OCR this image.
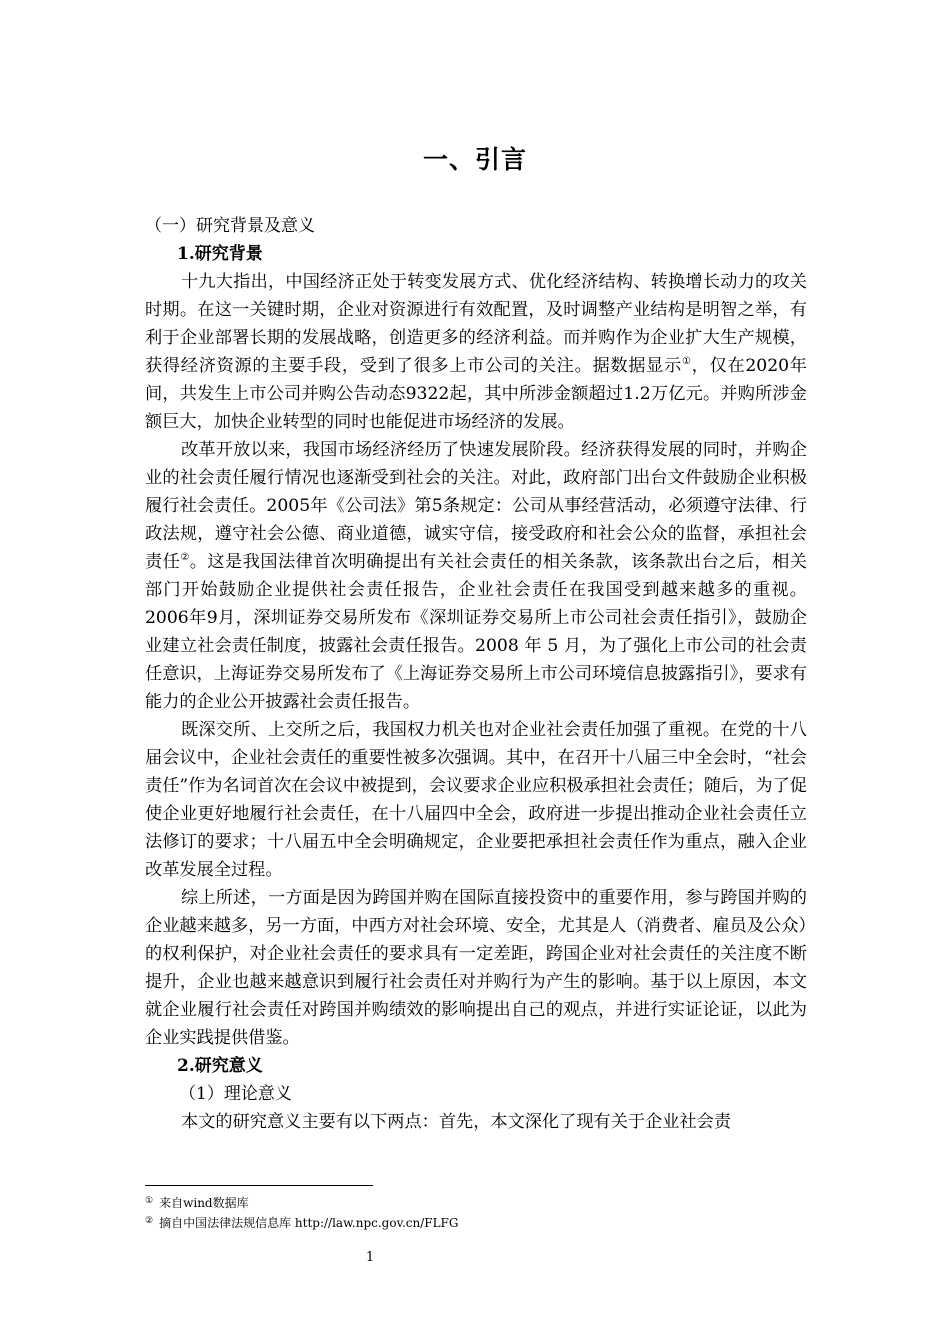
一、引言
（一）研究背景及意义
1.研究背景

十九大指出，中国经济正处于转变发展方式、优化经济结构、转换增长动力的攻关时期。在这一关键时期，企业对资源进行有效配置，及时调整产业结构是明智之举，有利于企业部署长期的发展战略，创造更多的经济利益。而并购作为企业扩大生产规模，获得经济资源的主要手段，受到了很多上市公司的关注。据数据显示①，仅在2020年间，共发生上市公司并购公告动态9322起，其中所涉金额超过1.2万亿元。并购所涉金额巨大，加快企业转型的同时也能促进市场经济的发展。

改革开放以来，我国市场经济经历了快速发展阶段。经济获得发展的同时，并购企业的社会责任履行情况也逐渐受到社会的关注。对此，政府部门出台文件鼓励企业积极履行社会责任。2005年《公司法》第5条规定：公司从事经营活动，必须遵守法律、行政法规，遵守社会公德、商业道德，诚实守信，接受政府和社会公众的监督，承担社会责任②。这是我国法律首次明确提出有关社会责任的相关条款，该条款出台之后，相关部门开始鼓励企业提供社会责任报告，企业社会责任在我国受到越来越多的重视。2006年9月，深圳证券交易所发布《深圳证券交易所上市公司社会责任指引》，鼓励企业建立社会责任制度，披露社会责任报告。2008 年 5 月，为了强化上市公司的社会责任意识，上海证券交易所发布了《上海证券交易所上市公司环境信息披露指引》，要求有能力的企业公开披露社会责任报告。

既深交所、上交所之后，我国权力机关也对企业社会责任加强了重视。在党的十八届会议中，企业社会责任的重要性被多次强调。其中，在召开十八届三中全会时，“社会责任”作为名词首次在会议中被提到，会议要求企业应积极承担社会责任；随后，为了促使企业更好地履行社会责任，在十八届四中全会，政府进一步提出推动企业社会责任立法修订的要求；十八届五中全会明确规定，企业要把承担社会责任作为重点，融入企业改革发展全过程。

综上所述，一方面是因为跨国并购在国际直接投资中的重要作用，参与跨国并购的企业越来越多，另一方面，中西方对社会环境、安全，尤其是人（消费者、雇员及公众）的权利保护，对企业社会责任的要求具有一定差距，跨国企业对社会责任的关注度不断提升，企业也越来越意识到履行社会责任对并购行为产生的影响。基于以上原因，本文就企业履行社会责任对跨国并购绩效的影响提出自己的观点，并进行实证论证，以此为企业实践提供借鉴。

2.研究意义
（1）理论意义

本文的研究意义主要有以下两点：首先，本文深化了现有关于企业社会责

① 来自wind数据库

② 摘自中国法律法规信息库 http://law.npc.gov.cn/FLFG

1
